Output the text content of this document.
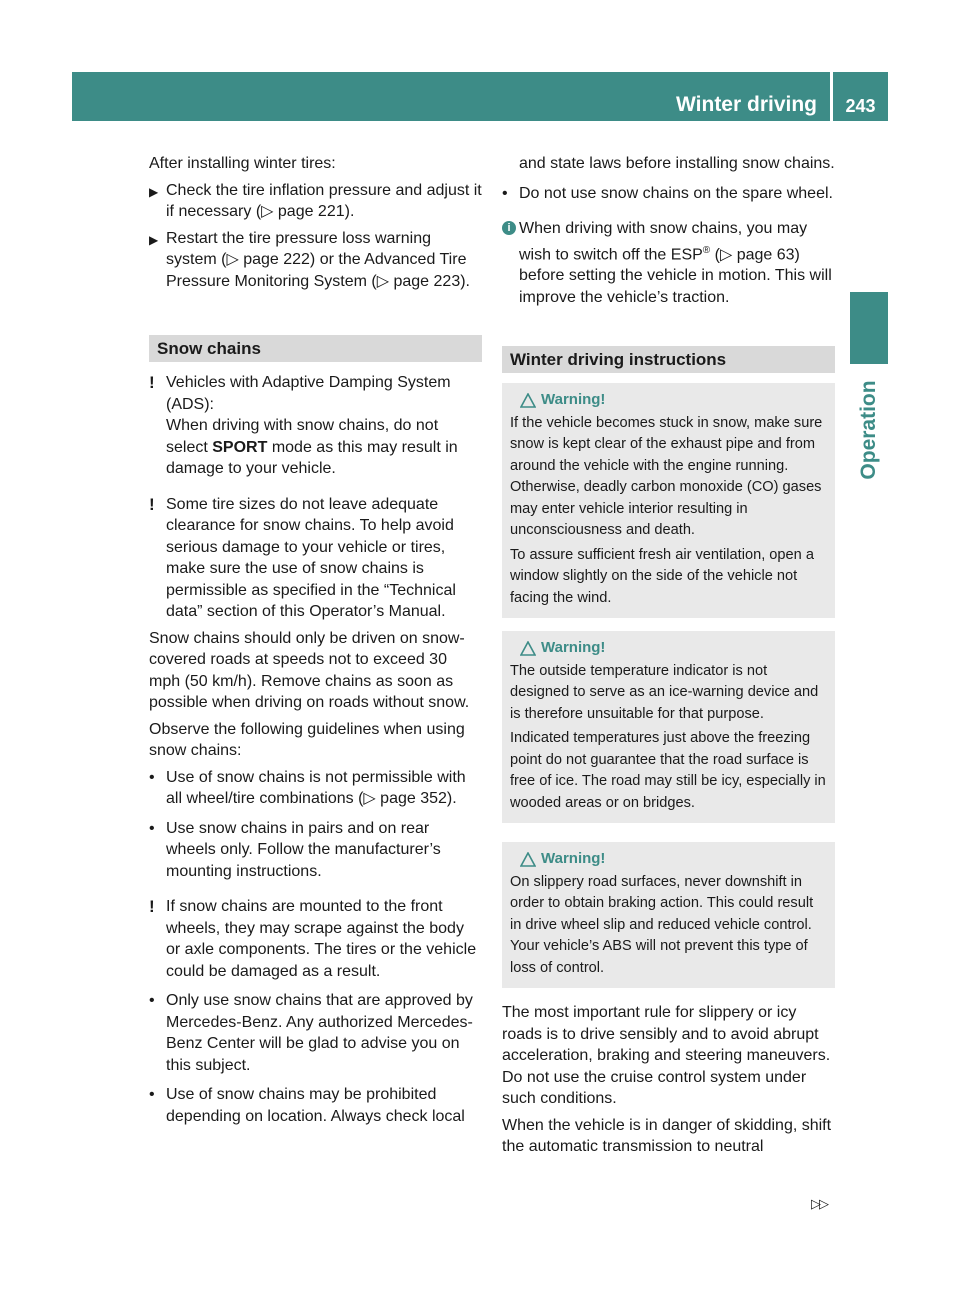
Winter driving	243
Operation

After installing winter tires:

▶ Check the tire inflation pressure and adjust it if necessary (▷ page 221).
▶ Restart the tire pressure loss warning system (▷ page 222) or the Advanced Tire Pressure Monitoring System (▷ page 223).
Snow chains
! Vehicles with Adaptive Damping System (ADS):
When driving with snow chains, do not select SPORT mode as this may result in damage to your vehicle.
! Some tire sizes do not leave adequate clearance for snow chains. To help avoid serious damage to your vehicle or tires, make sure the use of snow chains is permissible as specified in the “Technical data” section of this Operator’s Manual.

Snow chains should only be driven on snow-covered roads at speeds not to exceed 30 mph (50 km/h). Remove chains as soon as possible when driving on roads without snow.

Observe the following guidelines when using snow chains:

• Use of snow chains is not permissible with all wheel/tire combinations (▷ page 352).
• Use snow chains in pairs and on rear wheels only. Follow the manufacturer’s mounting instructions.
! If snow chains are mounted to the front wheels, they may scrape against the body or axle components. The tires or the vehicle could be damaged as a result.
• Only use snow chains that are approved by Mercedes-Benz. Any authorized Mercedes-Benz Center will be glad to advise you on this subject.
• Use of snow chains may be prohibited depending on location. Always check local
and state laws before installing snow chains.
• Do not use snow chains on the spare wheel.
i When driving with snow chains, you may wish to switch off the ESP® (▷ page 63) before setting the vehicle in motion. This will improve the vehicle’s traction.
Winter driving instructions
Warning!

If the vehicle becomes stuck in snow, make sure snow is kept clear of the exhaust pipe and from around the vehicle with the engine running. Otherwise, deadly carbon monoxide (CO) gases may enter vehicle interior resulting in unconsciousness and death.

To assure sufficient fresh air ventilation, open a window slightly on the side of the vehicle not facing the wind.

Warning!

The outside temperature indicator is not designed to serve as an ice-warning device and is therefore unsuitable for that purpose.

Indicated temperatures just above the freezing point do not guarantee that the road surface is free of ice. The road may still be icy, especially in wooded areas or on bridges.

Warning!

On slippery road surfaces, never downshift in order to obtain braking action. This could result in drive wheel slip and reduced vehicle control. Your vehicle’s ABS will not prevent this type of loss of control.

The most important rule for slippery or icy roads is to drive sensibly and to avoid abrupt acceleration, braking and steering maneuvers. Do not use the cruise control system under such conditions.

When the vehicle is in danger of skidding, shift the automatic transmission to neutral

▷▷
